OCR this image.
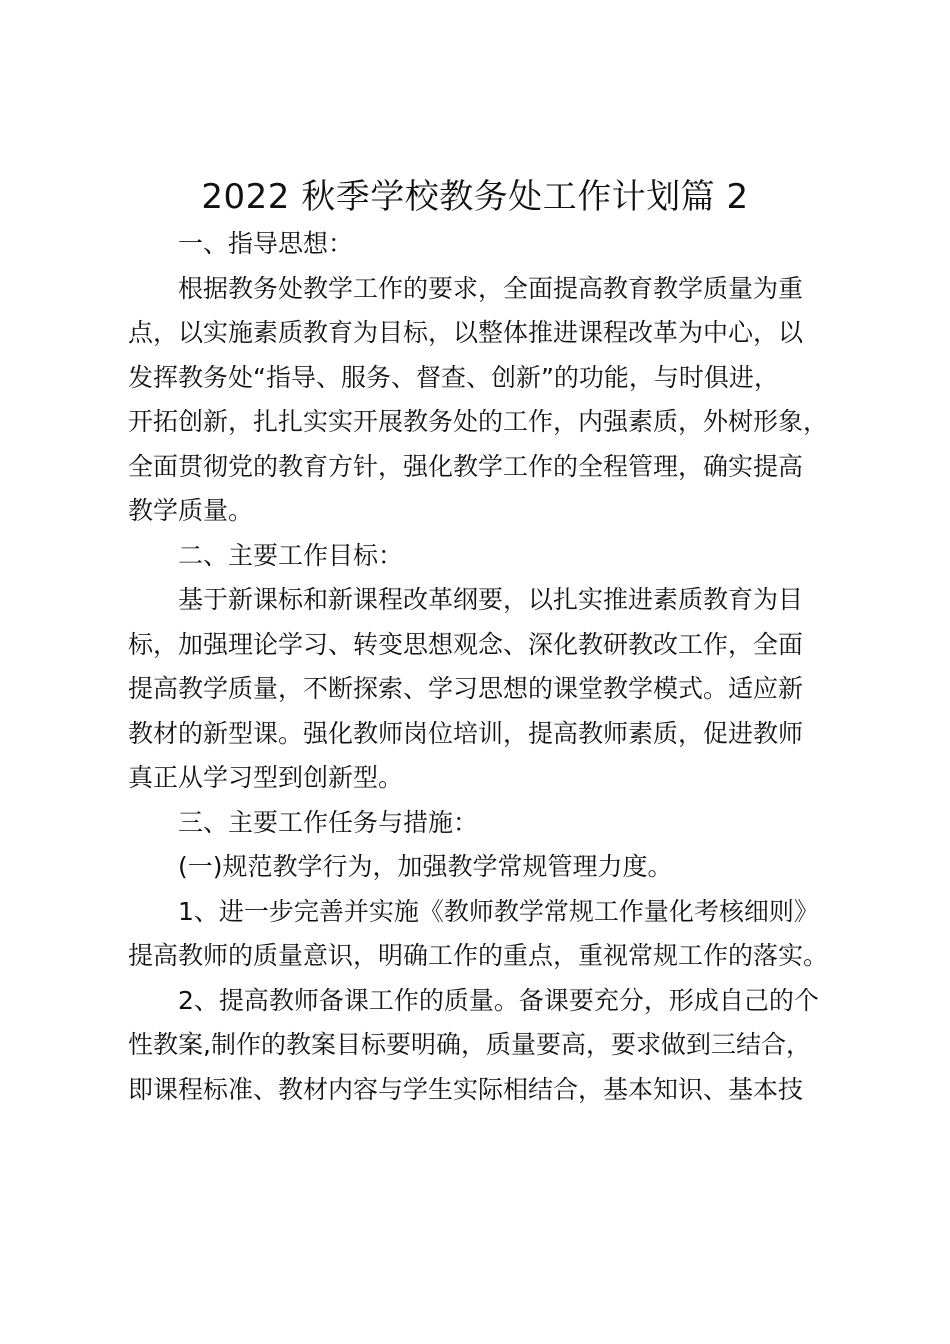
2022 秋季学校教务处工作计划篇 2

一、指导思想：

根据教务处教学工作的要求，全面提高教育教学质量为重
点，以实施素质教育为目标，以整体推进课程改革为中心，以
发挥教务处“指导、服务、督查、创新”的功能，与时俱进，
开拓创新，扎扎实实开展教务处的工作，内强素质，外树形象，
全面贯彻党的教育方针，强化教学工作的全程管理，确实提高
教学质量。

二、主要工作目标：

基于新课标和新课程改革纲要，以扎实推进素质教育为目
标，加强理论学习、转变思想观念、深化教研教改工作，全面
提高教学质量，不断探索、学习思想的课堂教学模式。适应新
教材的新型课。强化教师岗位培训，提高教师素质，促进教师
真正从学习型到创新型。

三、主要工作任务与措施：

(一)规范教学行为，加强教学常规管理力度。

1、进一步完善并实施《教师教学常规工作量化考核细则》
提高教师的质量意识，明确工作的重点，重视常规工作的落实。

2、提高教师备课工作的质量。备课要充分，形成自己的个
性教案,制作的教案目标要明确，质量要高，要求做到三结合，
即课程标准、教材内容与学生实际相结合，基本知识、基本技
